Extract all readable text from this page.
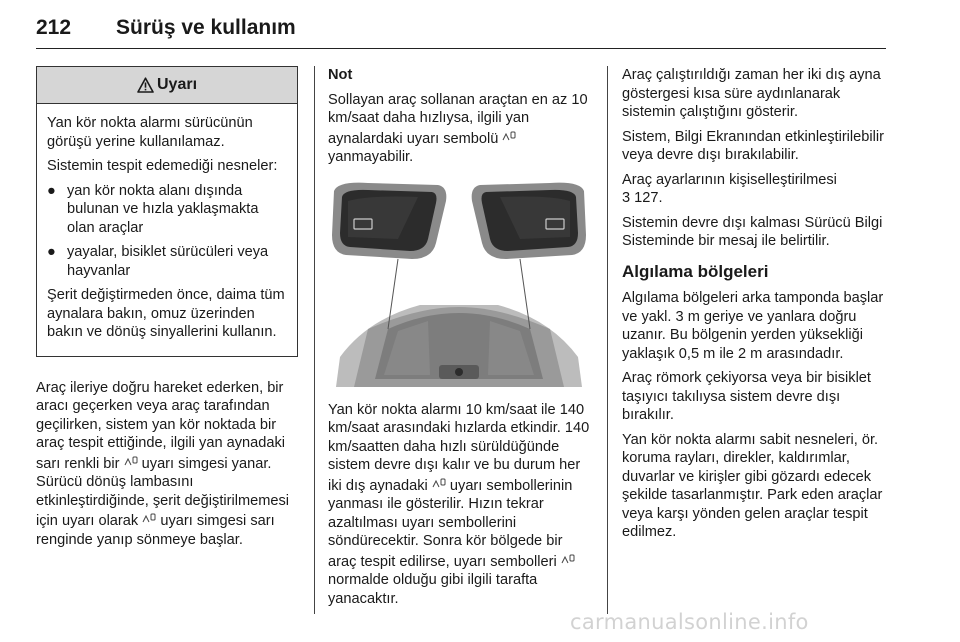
212 Sürüş ve kullanım
Uyarı

Yan kör nokta alarmı sürücünün görüşü yerine kullanılamaz.

Sistemin tespit edemediği nesneler:

● yan kör nokta alanı dışında bulunan ve hızla yaklaşmakta olan araçlar
● yayalar, bisiklet sürücüleri veya hayvanlar

Şerit değiştirmeden önce, daima tüm aynalara bakın, omuz üzerinden bakın ve dönüş sinyallerini kullanın.

Araç ileriye doğru hareket ederken, bir aracı geçerken veya araç tarafından geçilirken, sistem yan kör noktada bir araç tespit ettiğinde, ilgili yan aynadaki sarı renkli bir uyarı simgesi yanar. Sürücü dönüş lambasını etkinleştirdiğinde, şerit değiştirilmemesi için uyarı olarak uyarı simgesi sarı renginde yanıp sönmeye başlar.

Not

Sollayan araç sollanan araçtan en az 10 km/saat daha hızlıysa, ilgili yan aynalardaki uyarı sembolü  yanmayabilir.

Yan kör nokta alarmı 10 km/saat ile 140 km/saat arasındaki hızlarda etkindir. 140 km/saatten daha hızlı sürüldüğünde sistem devre dışı kalır ve bu durum her iki dış aynadaki uyarı sembollerinin yanması ile gösterilir. Hızın tekrar azaltılması uyarı sembollerini söndürecektir. Sonra kör bölgede bir araç tespit edilirse, uyarı sembolleri  normalde olduğu gibi ilgili tarafta yanacaktır.

Araç çalıştırıldığı zaman her iki dış ayna göstergesi kısa süre aydınlanarak sistemin çalıştığını gösterir.

Sistem, Bilgi Ekranından etkinleştirilebilir veya devre dışı bırakılabilir.

Araç ayarlarının kişiselleştirilmesi
3 127.

Sistemin devre dışı kalması Sürücü Bilgi Sisteminde bir mesaj ile belirtilir.

Algılama bölgeleri

Algılama bölgeleri arka tamponda başlar ve yakl. 3 m geriye ve yanlara doğru uzanır. Bu bölgenin yerden yüksekliği yaklaşık 0,5 m ile 2 m arasındadır.

Araç römork çekiyorsa veya bir bisiklet taşıyıcı takılıysa sistem devre dışı bırakılır.

Yan kör nokta alarmı sabit nesneleri, ör. koruma rayları, direkler, kaldırımlar, duvarlar ve kirişler gibi gözardı edecek şekilde tasarlanmıştır. Park eden araçlar veya karşı yönden gelen araçlar tespit edilmez.

carmanualsonline.info
